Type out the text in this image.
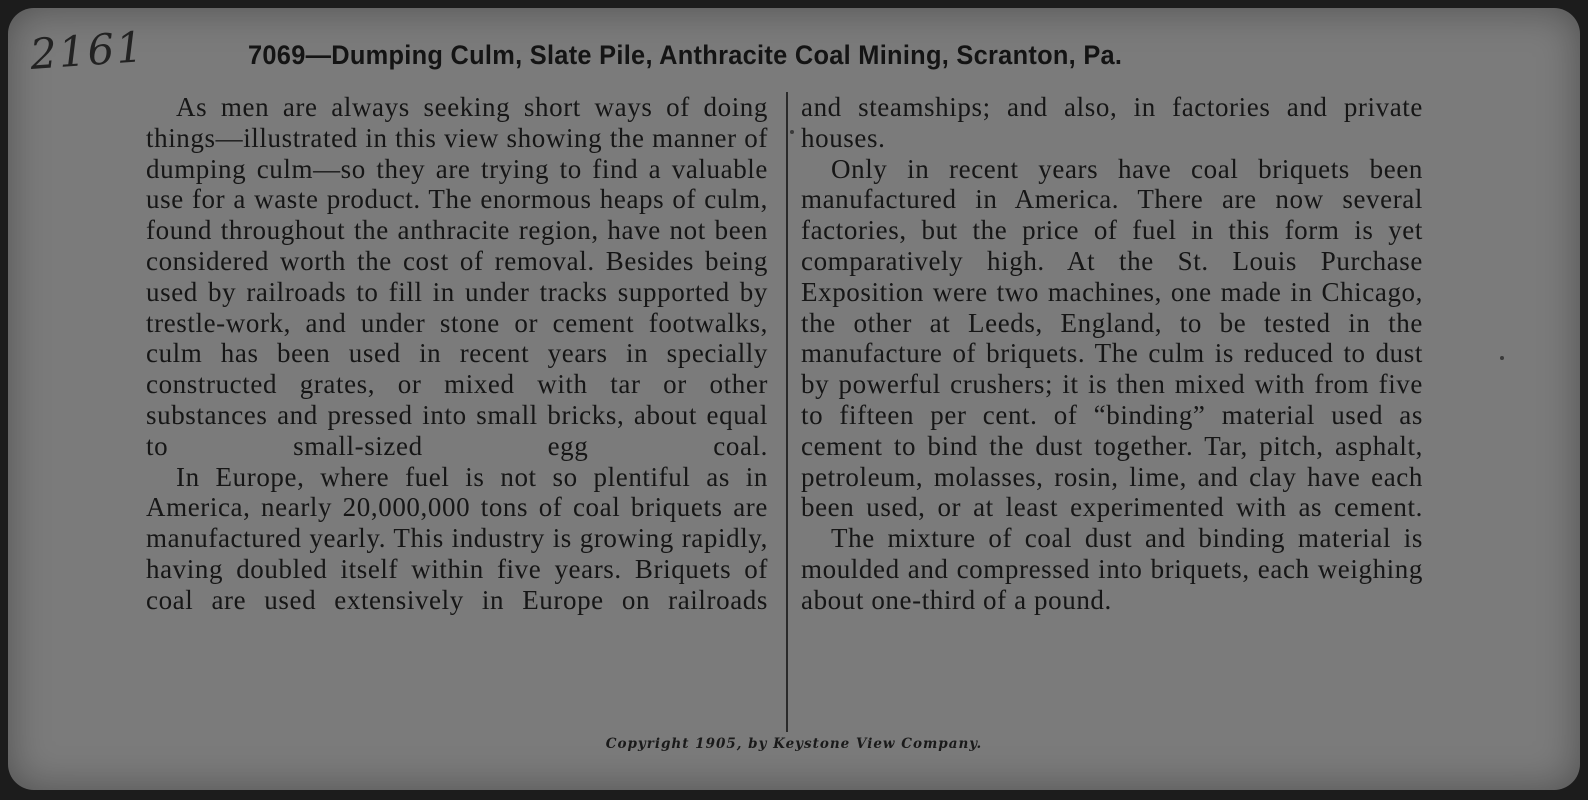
2161	7069—Dumping Culm, Slate Pile, Anthracite Coal Mining, Scranton, Pa.

As men are always seeking short ways of doing things—illustrated in this view showing the manner of dumping culm—so they are trying to find a valuable use for a waste product. The enormous heaps of culm, found throughout the anthracite region, have not been considered worth the cost of removal. Besides being used by railroads to fill in under tracks supported by trestle-work, and under stone or cement footwalks, culm has been used in recent years in specially constructed grates, or mixed with tar or other substances and pressed into small bricks, about equal to small-sized egg coal.

In Europe, where fuel is not so plentiful as in America, nearly 20,000,000 tons of coal briquets are manufactured yearly. This industry is growing rapidly, having doubled itself within five years. Briquets of coal are used extensively in Europe on railroads

and steamships; and also, in factories and private houses.

Only in recent years have coal briquets been manufactured in America. There are now several factories, but the price of fuel in this form is yet comparatively high. At the St. Louis Purchase Exposition were two machines, one made in Chicago, the other at Leeds, England, to be tested in the manufacture of briquets. The culm is reduced to dust by powerful crushers; it is then mixed with from five to fifteen per cent. of “binding” material used as cement to bind the dust together. Tar, pitch, asphalt, petroleum, molasses, rosin, lime, and clay have each been used, or at least experimented with as cement.

The mixture of coal dust and binding material is moulded and compressed into briquets, each weighing about one-third of a pound.

Copyright 1905, by Keystone View Company.
